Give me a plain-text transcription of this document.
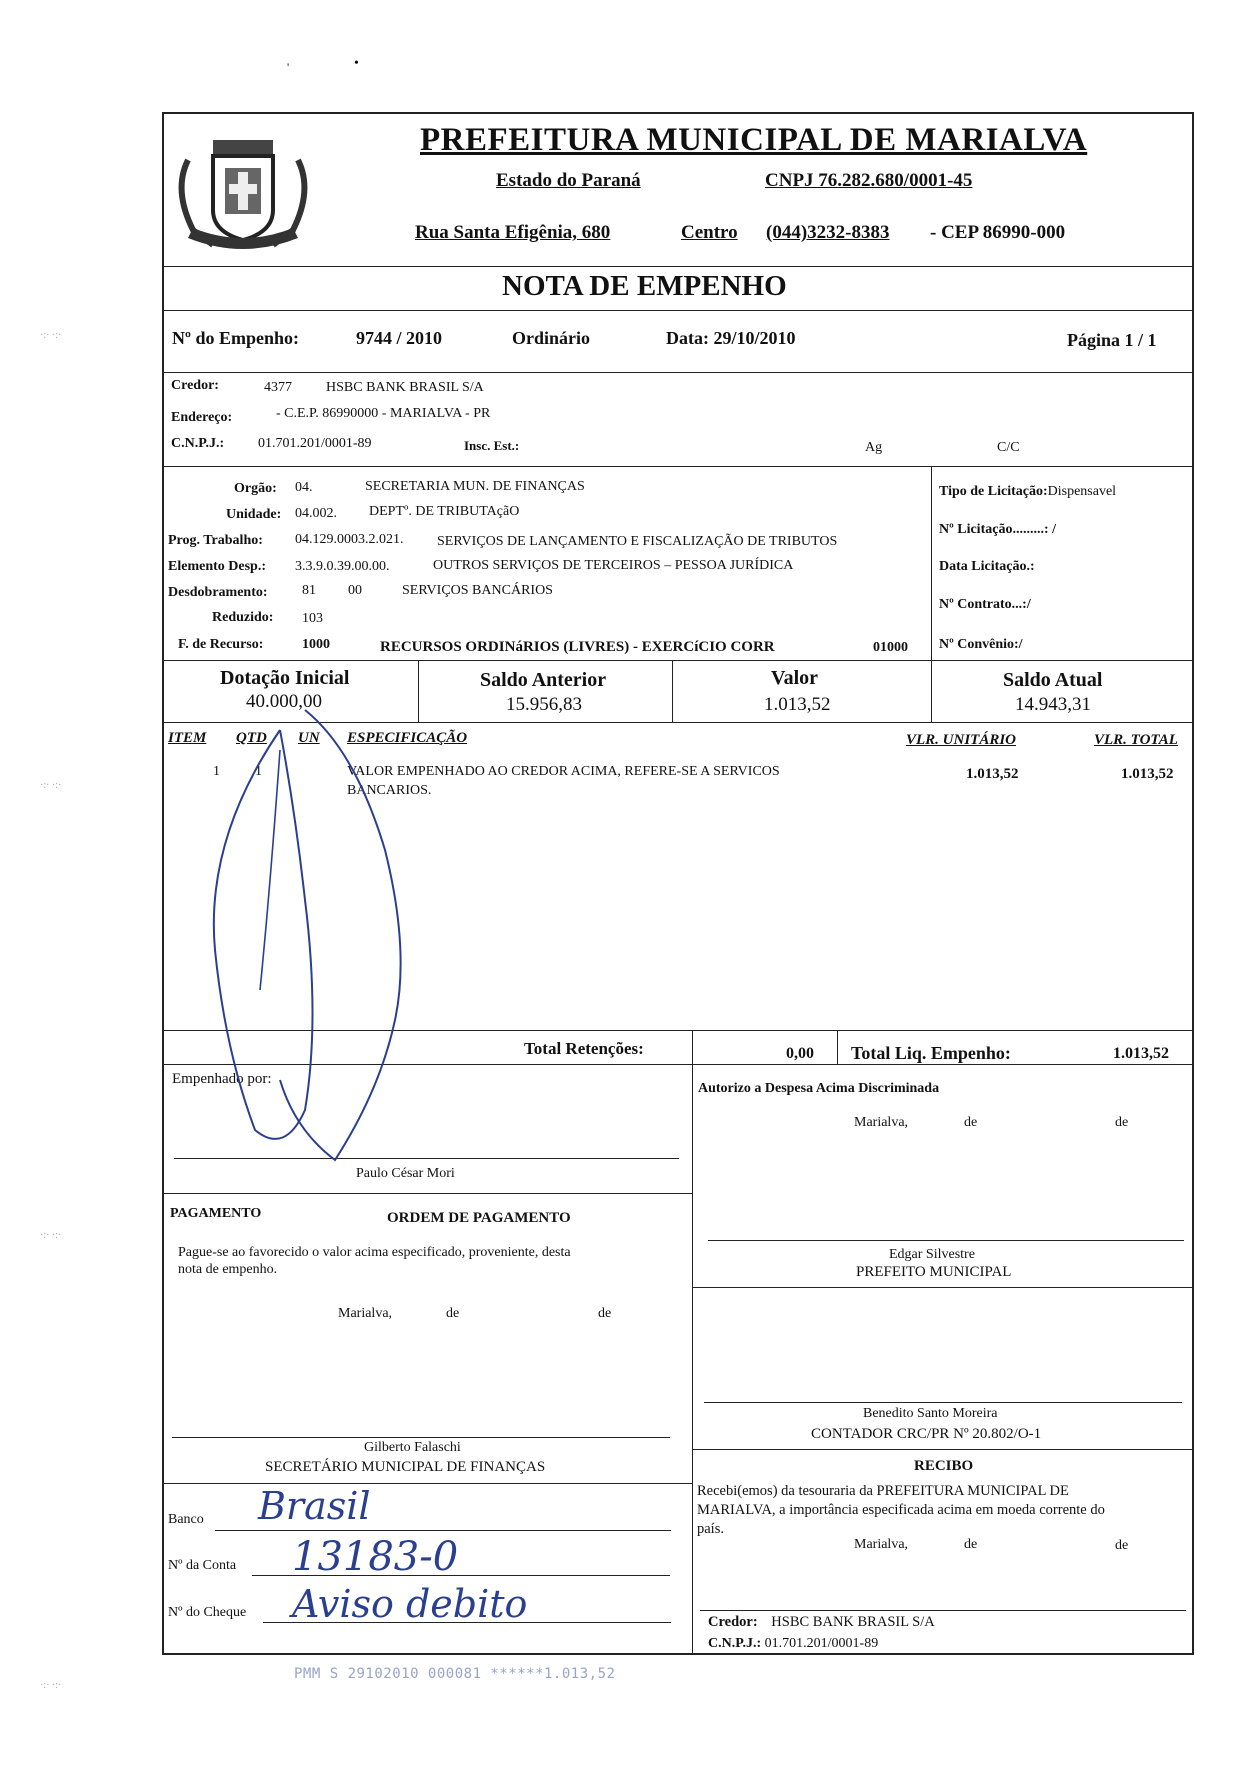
'	•
PREFEITURA MUNICIPAL DE MARIALVA
Estado do Paraná	CNPJ 76.282.680/0001-45
Rua Santa Efigênia, 680	Centro (044)3232-8383 - CEP 86990-000
NOTA DE EMPENHO
Nº do Empenho:	9744 / 2010	Ordinário	Data: 29/10/2010	Página 1 / 1
Credor:	4377 HSBC BANK BRASIL S/A
Endereço:	- C.E.P. 86990000 - MARIALVA - PR
C.N.P.J.: 01.701.201/0001-89	Insc. Est.:	Ag	C/C
Orgão: 04.	SECRETARIA MUN. DE FINANÇAS
Unidade: 04.002. DEPTº. DE TRIBUTAçãO
Prog. Trabalho: 04.129.0003.2.021. SERVIÇOS DE LANÇAMENTO E FISCALIZAÇÃO DE TRIBUTOS
Elemento Desp.: 3.3.9.0.39.00.00.	OUTROS SERVIÇOS DE TERCEIROS – PESSOA JURÍDICA
Desdobramento: 81 00	SERVIÇOS BANCÁRIOS
Reduzido: 103
F. de Recurso:	1000	RECURSOS ORDINáRIOS (LIVRES) - EXERCíCIO CORR	01000
Tipo de Licitação:Dispensavel
Nº Licitação.........: /
Data Licitação.:
Nº Contrato...:/
Nº Convênio:/
Dotação Inicial
40.000,00
Saldo Anterior
15.956,83
Valor
1.013,52
Saldo Atual
14.943,31
ITEM QTD UN ESPECIFICAÇÃO	VLR. UNITÁRIO	VLR. TOTAL
1	1	VALOR EMPENHADO AO CREDOR ACIMA, REFERE-SE A SERVICOS
BANCARIOS.
1.013,52	1.013,52
Total Retenções:	0,00 Total Liq. Empenho:	1.013,52
Empenhado por:
Paulo César Mori
Autorizo a Despesa Acima Discriminada
Marialva,	de	de
Edgar Silvestre
PREFEITO MUNICIPAL
PAGAMENTO	ORDEM DE PAGAMENTO
Pague-se ao favorecido o valor acima especificado, proveniente, desta
nota de empenho.
Marialva,	de	de
Gilberto Falaschi
SECRETÁRIO MUNICIPAL DE FINANÇAS
Benedito Santo Moreira
CONTADOR CRC/PR Nº 20.802/O-1
Banco Brasil
Nº da Conta 13183-0
Nº do Cheque Aviso debito
RECIBO
Recebi(emos) da tesouraria da PREFEITURA MUNICIPAL DE
MARIALVA, a importância especificada acima em moeda corrente do
país.
Marialva,	de	de
Credor: HSBC BANK BRASIL S/A
C.N.P.J.: 01.701.201/0001-89
PMM S 29102010 000081 ******1.013,52
·:· ·:·
·:· ·:·
·:· ·:·
·:· ·:·
